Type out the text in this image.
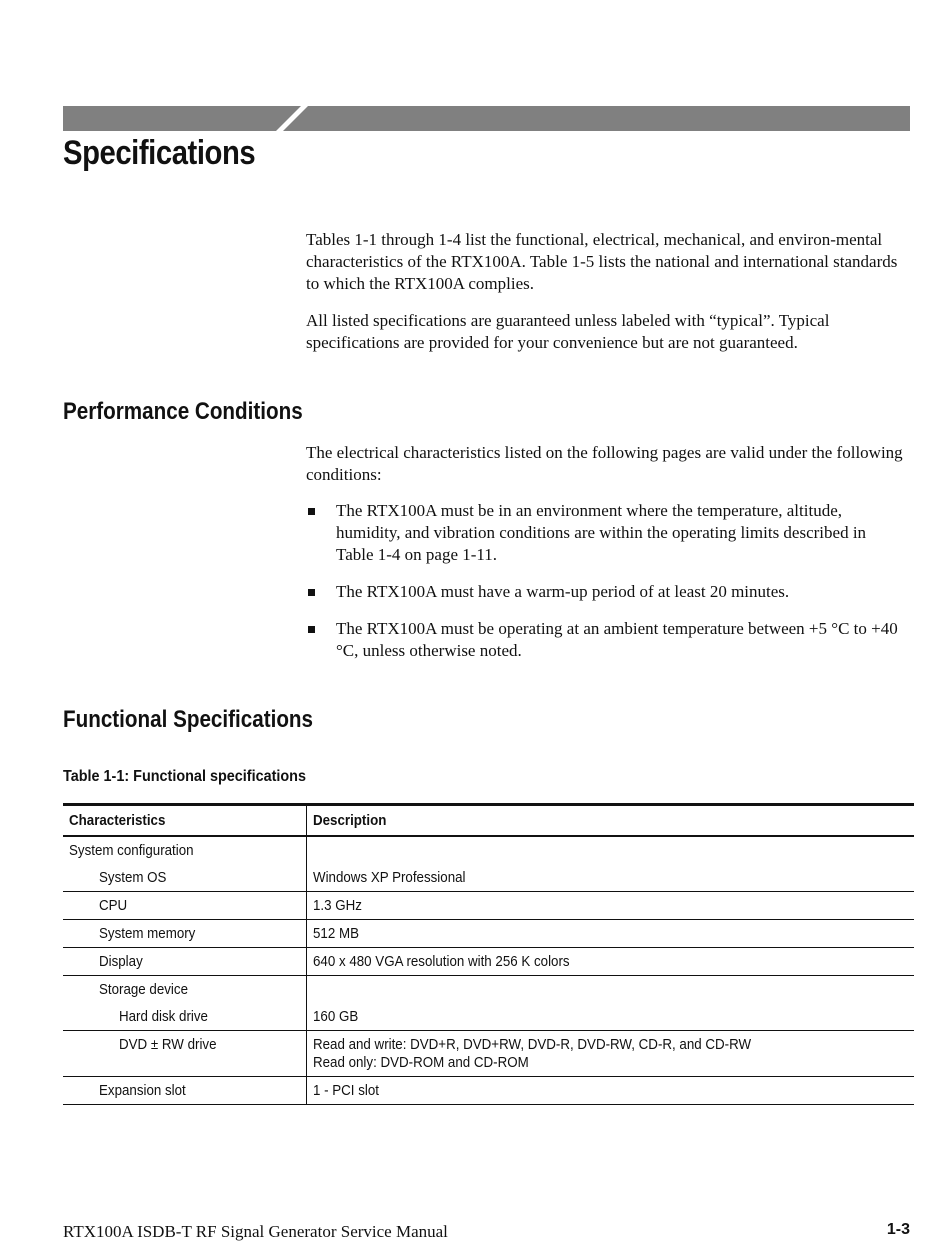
Specifications

Tables 1-1 through 1-4 list the functional, electrical, mechanical, and environ-mental characteristics of the RTX100A. Table 1-5 lists the national and international standards to which the RTX100A complies.

All listed specifications are guaranteed unless labeled with “typical”. Typical specifications are provided for your convenience but are not guaranteed.

Performance Conditions

The electrical characteristics listed on the following pages are valid under the following conditions:

The RTX100A must be in an environment where the temperature, altitude, humidity, and vibration conditions are within the operating limits described in Table 1-4 on page 1-11.
The RTX100A must have a warm-up period of at least 20 minutes.
The RTX100A must be operating at an ambient temperature between +5 °C to +40 °C, unless otherwise noted.
Functional Specifications
Table 1-1: Functional specifications
Characteristics	Description
System configuration	
System OS	Windows XP Professional
CPU	1.3 GHz
System memory	512 MB
Display	640 x 480 VGA resolution with 256 K colors
Storage device	
Hard disk drive	160 GB
DVD ± RW drive	Read and write: DVD+R, DVD+RW, DVD-R, DVD-RW, CD-R, and CD-RW
Read only: DVD-ROM and CD-ROM
Expansion slot	1 - PCI slot
RTX100A ISDB-T RF Signal Generator Service Manual	1-3
